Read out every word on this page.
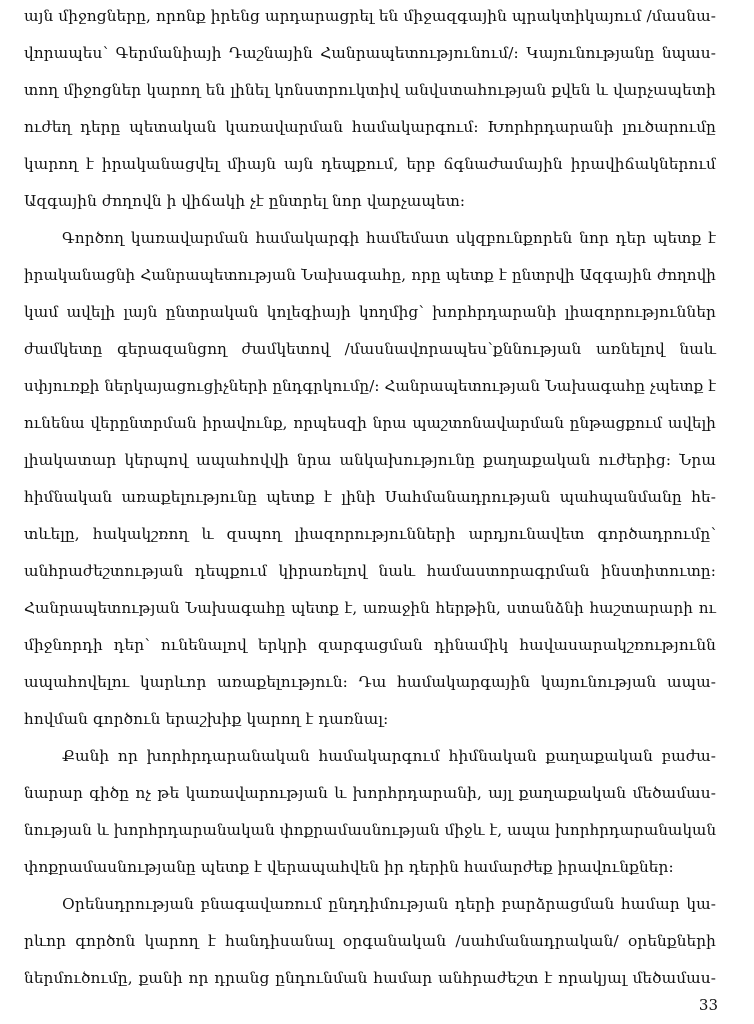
այն միջոցները, որոնք իրենց արդարացրել են միջազգային պրակտիկայում /մասնա-
վորապես՝ Գերմանիայի Դաշնային Հանրապետությունում/: Կայունությանը նպաս-
տող միջոցներ կարող են լինել կոնստրուկտիվ անվստահության քվեն և վարչապետի
ուժեղ դերը պետական կառավարման համակարգում: Խորհրդարանի լուծարումը
կարող է իրականացվել միայն այն դեպքում, երբ ճգնաժամային իրավիճակներում
Ազգային ժողովն ի վիճակի չէ ընտրել նոր վարչապետ:
Գործող կառավարման համակարգի համեմատ սկզբունքորեն նոր դեր պետք է
իրականացնի Հանրապետության Նախագահը, որը պետք է ընտրվի Ազգային ժողովի
կամ ավելի լայն ընտրական կոլեգիայի կողմից՝ խորհրդարանի լիազորություններ
ժամկետը գերազանցող ժամկետով /մասնավորապես՝քննության առնելով նաև
սփյուռքի ներկայացուցիչների ընդգրկումը/: Հանրապետության Նախագահը չպետք է
ունենա վերընտրման իրավունք, որպեսզի նրա պաշտոնավարման ընթացքում ավելի
լիակատար կերպով ապահովվի նրա անկախությունը քաղաքական ուժերից: Նրա
հիմնական առաքելությունը պետք է լինի Սահմանադրության պահպանմանը հե-
տևելը, հակակշռող և զսպող լիազորությունների արդյունավետ գործադրումը՝
անհրաժեշտության դեպքում կիրառելով նաև համաստորագրման ինստիտուտը:
Հանրապետության Նախագահը պետք է, առաջին հերթին, ստանձնի հաշտարարի ու
միջնորդի դեր՝ ունենալով երկրի զարգացման դինամիկ հավասարակշռությունն
ապահովելու կարևոր առաքելություն: Դա համակարգային կայունության ապա-
հովման գործուն երաշխիք կարող է դառնալ:
Քանի որ խորհրդարանական համակարգում հիմնական քաղաքական բաժա-
նարար գիծը ոչ թե կառավարության և խորհրդարանի, այլ քաղաքական մեծամաս-
նության և խորհրդարանական փոքրամասնության միջև է, ապա խորհրդարանական
փոքրամասնությանը պետք է վերապահվեն իր դերին համարժեք իրավունքներ:
Օրենսդրության բնագավառում ընդդիմության դերի բարձրացման համար կա-
րևոր գործոն կարող է հանդիսանալ օրգանական /սահմանադրական/ օրենքների
ներմուծումը, քանի որ դրանց ընդունման համար անհրաժեշտ է որակյալ մեծամաս-
33
